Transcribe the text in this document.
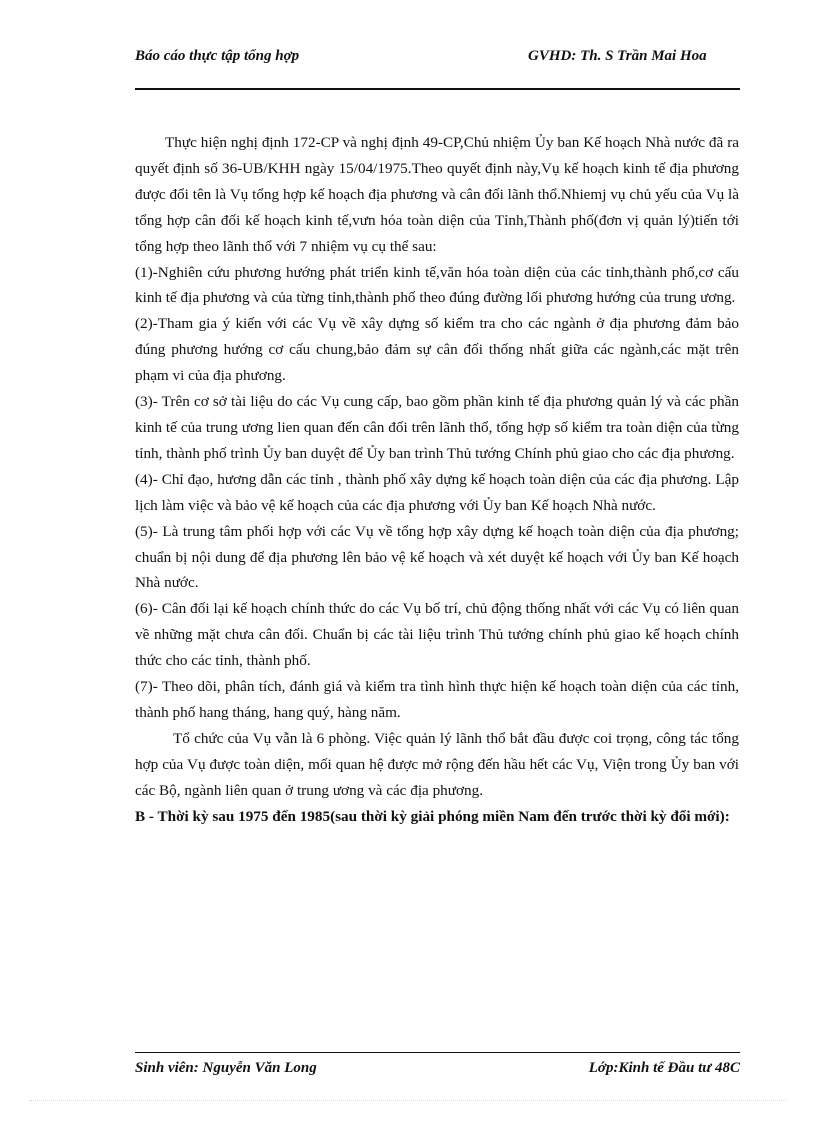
Báo cáo thực tập tổng hợp	GVHD: Th. S Trần Mai Hoa

Thực hiện nghị định 172-CP và nghị định 49-CP,Chủ nhiệm Ủy ban Kế hoạch Nhà nước đã ra quyết định số 36-UB/KHH ngày 15/04/1975.Theo quyết định này,Vụ kế hoạch kinh tế địa phương được đổi tên là Vụ tổng hợp kế hoạch địa phương và cân đối lãnh thổ.Nhiemj vụ chủ yếu của Vụ là tổng hợp cân đối kế hoạch kinh tế,vưn hóa toàn diện của Tỉnh,Thành phố(đơn vị quản lý)tiến tới tổng hợp theo lãnh thổ với 7 nhiệm vụ cụ thể sau:

(1)-Nghiên cứu phương hướng phát triển kinh tế,văn hóa toàn diện của các tỉnh,thành phố,cơ cấu kinh tế địa phương và của từng tỉnh,thành phố theo đúng đường lối phương hướng của trung ương.

(2)-Tham gia ý kiến với các Vụ về xây dựng số kiểm tra cho các ngành ở địa phương đảm bảo đúng phương hướng cơ cấu chung,bảo đảm sự cân đối thống nhất giữa các ngành,các mặt trên phạm vi của địa phương.

(3)- Trên cơ sở tài liệu do các Vụ cung cấp, bao gồm phần kinh tế địa phương quản lý và các phần kinh tế của trung ương lien quan đến cân đối trên lãnh thổ, tổng hợp số kiểm tra toàn diện của từng tỉnh, thành phố trình Ủy ban duyệt để Ủy ban trình Thủ tướng Chính phủ giao cho các địa phương.

(4)- Chỉ đạo, hương dẫn các tỉnh , thành phố xây dựng kế hoạch toàn diện của các địa phương. Lập lịch làm việc và bảo vệ kế hoạch của các địa phương với Ủy ban Kế hoạch Nhà nước.

(5)- Là trung tâm phối hợp với các Vụ về tổng hợp xây dựng kế hoạch toàn diện của địa phương; chuẩn bị nội dung để địa phương lên bảo vệ kế hoạch và xét duyệt kế hoạch với Ủy ban Kế hoạch Nhà nước.

(6)- Cân đối lại kế hoạch chính thức do các Vụ bố trí, chủ động thống nhất với các Vụ có liên quan về những mặt chưa cân đối. Chuẩn bị các tài liệu trình Thủ tướng chính phủ giao kế hoạch chính thức cho các tỉnh, thành phố.

(7)- Theo dõi, phân tích, đánh giá và kiểm tra tình hình thực hiện kế hoạch toàn diện của các tỉnh, thành phố hang tháng, hang quý, hàng năm.

Tổ chức của Vụ vẫn là 6 phòng. Việc quản lý lãnh thổ bắt đầu được coi trọng, công tác tổng hợp của Vụ được toàn diện, mối quan hệ được mở rộng đến hầu hết các Vụ, Viện trong Ủy ban với các Bộ, ngành liên quan ở trung ương và các địa phương.

B - Thời kỳ sau 1975 đến 1985(sau thời kỳ giải phóng miền Nam đến trước thời kỳ đổi mới):

Sinh viên: Nguyễn Văn Long	Lớp:Kinh tế Đầu tư 48C
